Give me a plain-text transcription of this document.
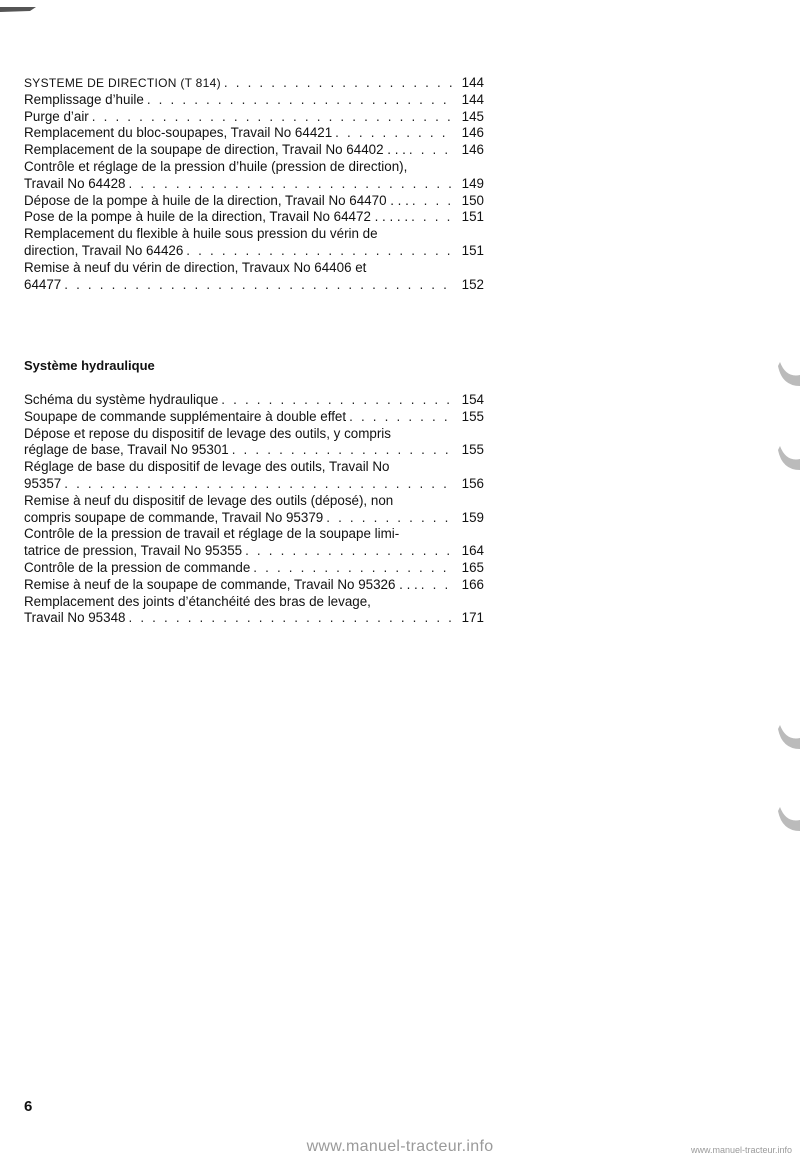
SYSTEME DE DIRECTION (T 814) . . .	144
Remplissage d’huile . . .	144
Purge d’air . . .	145
Remplacement du bloc-soupapes, Travail No 64421 . . .	146
Remplacement de la soupape de direction, Travail No 64402 . . . . . .	146
Contrôle et réglage de la pression d’huile (pression de direction),
Travail No 64428 . . .	149
Dépose de la pompe à huile de la direction, Travail No 64470 . . . . . .	150
Pose de la pompe à huile de la direction, Travail No 64472 . . . . . . . .	151
Remplacement du flexible à huile sous pression du vérin de
direction, Travail No 64426 . . .	151
Remise à neuf du vérin de direction, Travaux No 64406 et
64477 . . .	152
Système hydraulique
Schéma du système hydraulique . . .	154
Soupape de commande supplémentaire à double effet . . .	155
Dépose et repose du dispositif de levage des outils, y compris
réglage de base, Travail No 95301 . . .	155
Réglage de base du dispositif de levage des outils, Travail No
95357 . . .	156
Remise à neuf du dispositif de levage des outils (déposé), non
compris soupape de commande, Travail No 95379 . . .	159
Contrôle de la pression de travail et réglage de la soupape limi-
tatrice de pression, Travail No 95355 . . .	164
Contrôle de la pression de commande . . .	165
Remise à neuf de la soupape de commande, Travail No 95326 . . . . . .	166
Remplacement des joints d’étanchéité des bras de levage,
Travail No 95348 . . .	171
6
www.manuel-tracteur.info	www.manuel-tracteur.info
